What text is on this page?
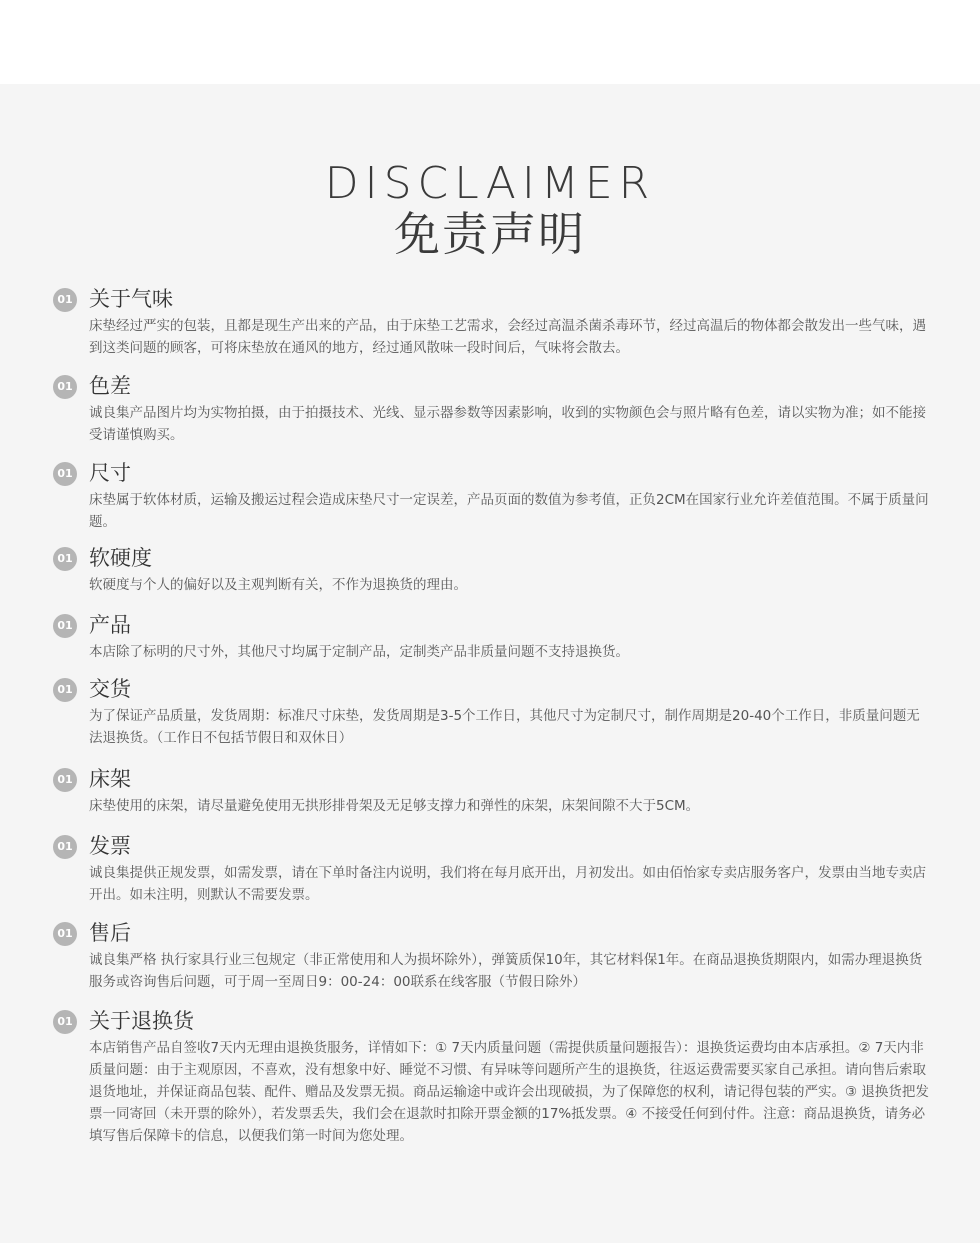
DISCLAIMER
免责声明
01 关于气味
床垫经过严实的包装，且都是现生产出来的产品，由于床垫工艺需求，会经过高温杀菌杀毒环节，经过高温后的物体都会散发出一些气味，遇到这类问题的顾客，可将床垫放在通风的地方，经过通风散味一段时间后，气味将会散去。
01 色差
诚良集产品图片均为实物拍摄，由于拍摄技术、光线、显示器参数等因素影响，收到的实物颜色会与照片略有色差，请以实物为准；如不能接受请谨慎购买。
01 尺寸
床垫属于软体材质，运输及搬运过程会造成床垫尺寸一定误差，产品页面的数值为参考值，正负2CM在国家行业允许差值范围。不属于质量问题。
01 软硬度
软硬度与个人的偏好以及主观判断有关，不作为退换货的理由。
01 产品
本店除了标明的尺寸外，其他尺寸均属于定制产品，定制类产品非质量问题不支持退换货。
01 交货
为了保证产品质量，发货周期：标准尺寸床垫，发货周期是3-5个工作日，其他尺寸为定制尺寸，制作周期是20-40个工作日，非质量问题无法退换货。（工作日不包括节假日和双休日）
01 床架
床垫使用的床架，请尽量避免使用无拱形排骨架及无足够支撑力和弹性的床架，床架间隙不大于5CM。
01 发票
诚良集提供正规发票，如需发票，请在下单时备注内说明，我们将在每月底开出，月初发出。如由佰怡家专卖店服务客户，发票由当地专卖店开出。如未注明，则默认不需要发票。
01 售后
诚良集严格 执行家具行业三包规定（非正常使用和人为损坏除外），弹簧质保10年，其它材料保1年。在商品退换货期限内，如需办理退换货服务或咨询售后问题，可于周一至周日9：00-24：00联系在线客服（节假日除外）
01 关于退换货
本店销售产品自签收7天内无理由退换货服务，详情如下：① 7天内质量问题（需提供质量问题报告）：退换货运费均由本店承担。② 7天内非质量问题：由于主观原因，不喜欢，没有想象中好、睡觉不习惯、有异味等问题所产生的退换货，往返运费需要买家自己承担。请向售后索取退货地址，并保证商品包装、配件、赠品及发票无损。商品运输途中或许会出现破损，为了保障您的权利，请记得包装的严实。③ 退换货把发票一同寄回（未开票的除外），若发票丢失，我们会在退款时扣除开票金额的17%抵发票。④ 不接受任何到付件。注意：商品退换货，请务必填写售后保障卡的信息，以便我们第一时间为您处理。
